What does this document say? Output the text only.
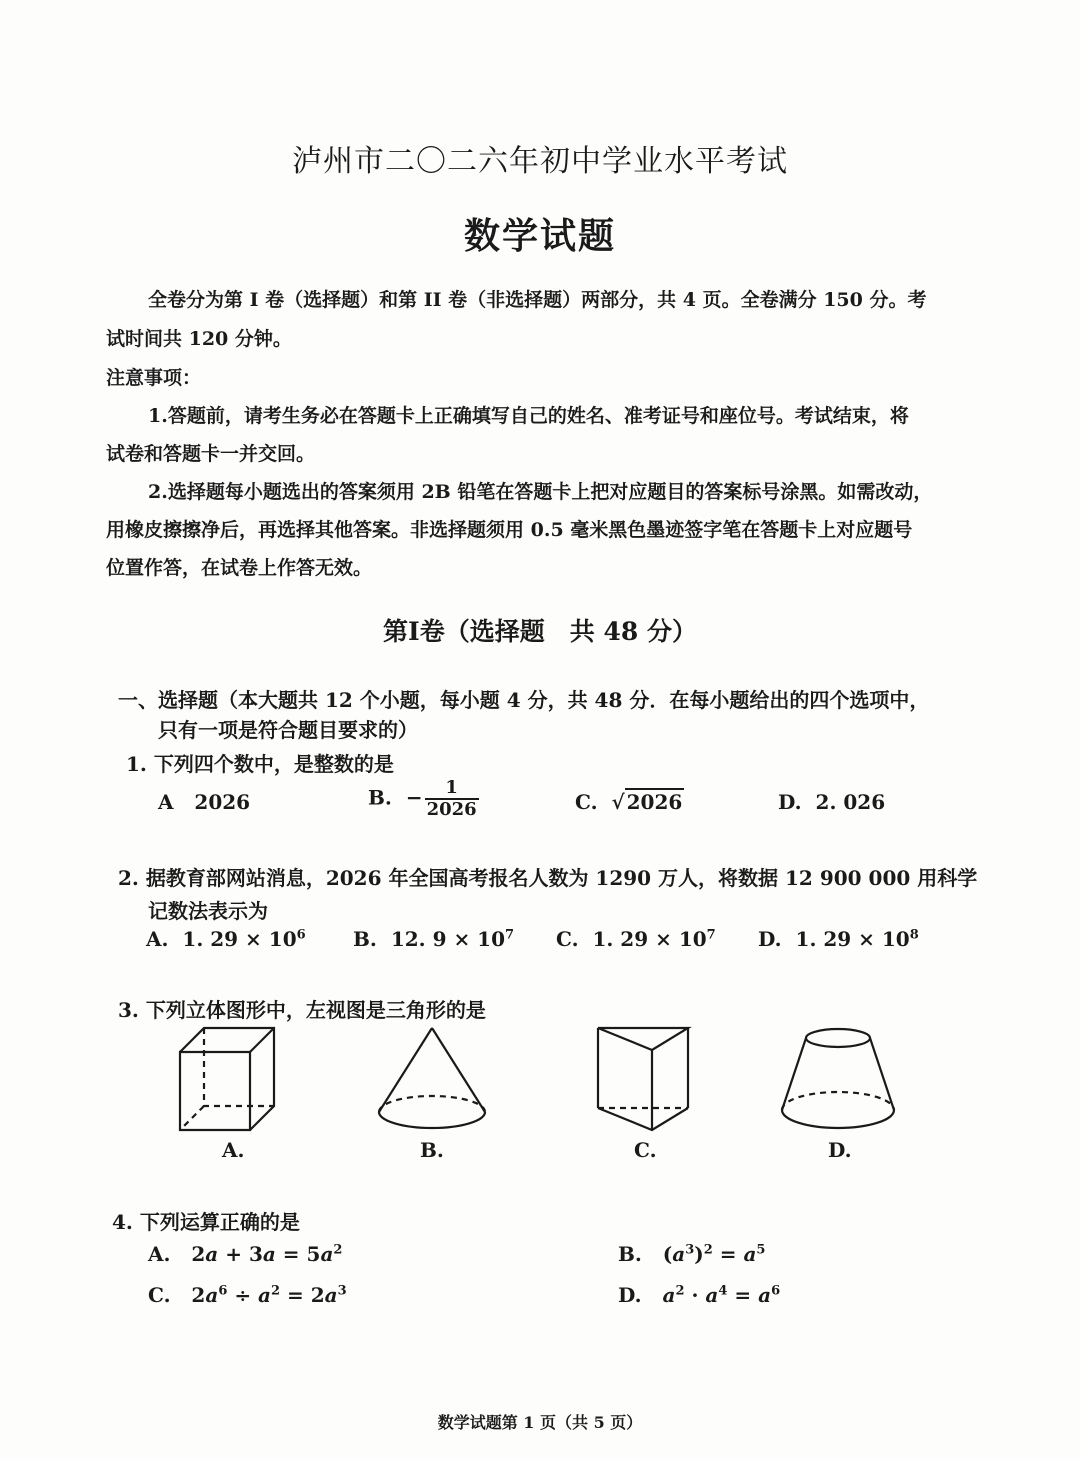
泸州市二〇二六年初中学业水平考试
数学试题
全卷分为第 I 卷（选择题）和第 II 卷（非选择题）两部分，共 4 页。全卷满分 150 分。考
试时间共 120 分钟。
注意事项：
1.答题前，请考生务必在答题卡上正确填写自己的姓名、准考证号和座位号。考试结束，将
试卷和答题卡一并交回。
2.选择题每小题选出的答案须用 2B 铅笔在答题卡上把对应题目的答案标号涂黑。如需改动，
用橡皮擦擦净后，再选择其他答案。非选择题须用 0.5 毫米黑色墨迹签字笔在答题卡上对应题号
位置作答，在试卷上作答无效。
第Ⅰ卷（选择题　共 48 分）
一、选择题（本大题共 12 个小题，每小题 4 分，共 48 分．在每小题给出的四个选项中，
只有一项是符合题目要求的）
1. 下列四个数中，是整数的是
A 2026	B. − $\frac{1}{2026}$	C. √ 2026	D. 2. 026
2. 据教育部网站消息，2026 年全国高考报名人数为 1290 万人，将数据 12 900 000 用科学
记数法表示为
A. 1. $29 \times 10^6$ B. 12. $9 \times 10^7$ C. 1. $29 \times 10^7$ D. 1. $29 \times 10^8$
3. 下列立体图形中，左视图是三角形的是
A.	B.	C.	D.
4. 下列运算正确的是
A. $2a + 3a = 5a^2$	B. $(a^3)^2 = a^5$
C. $2a^6 \div a^2 = 2a^3$	D. $a^2 \cdot a^4 = a^6$
数学试题第 1 页（共 5 页）
